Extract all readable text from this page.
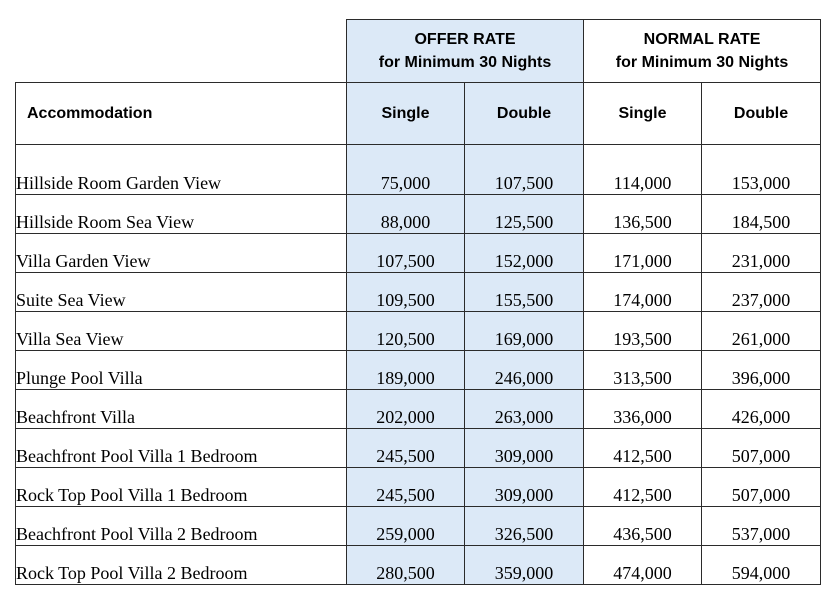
	OFFER RATE
for Minimum 30 Nights		NORMAL RATE
for Minimum 30 Nights	

Accommodation	Single	Double	Single	Double
Hillside Room Garden View	75,000	107,500	114,000	153,000
Hillside Room Sea View	88,000	125,500	136,500	184,500
Villa Garden View	107,500	152,000	171,000	231,000
Suite Sea View	109,500	155,500	174,000	237,000
Villa Sea View	120,500	169,000	193,500	261,000
Plunge Pool Villa	189,000	246,000	313,500	396,000
Beachfront Villa	202,000	263,000	336,000	426,000
Beachfront Pool Villa 1 Bedroom	245,500	309,000	412,500	507,000
Rock Top Pool Villa 1 Bedroom	245,500	309,000	412,500	507,000
Beachfront Pool Villa 2 Bedroom	259,000	326,500	436,500	537,000
Rock Top Pool Villa 2 Bedroom	280,500	359,000	474,000	594,000
